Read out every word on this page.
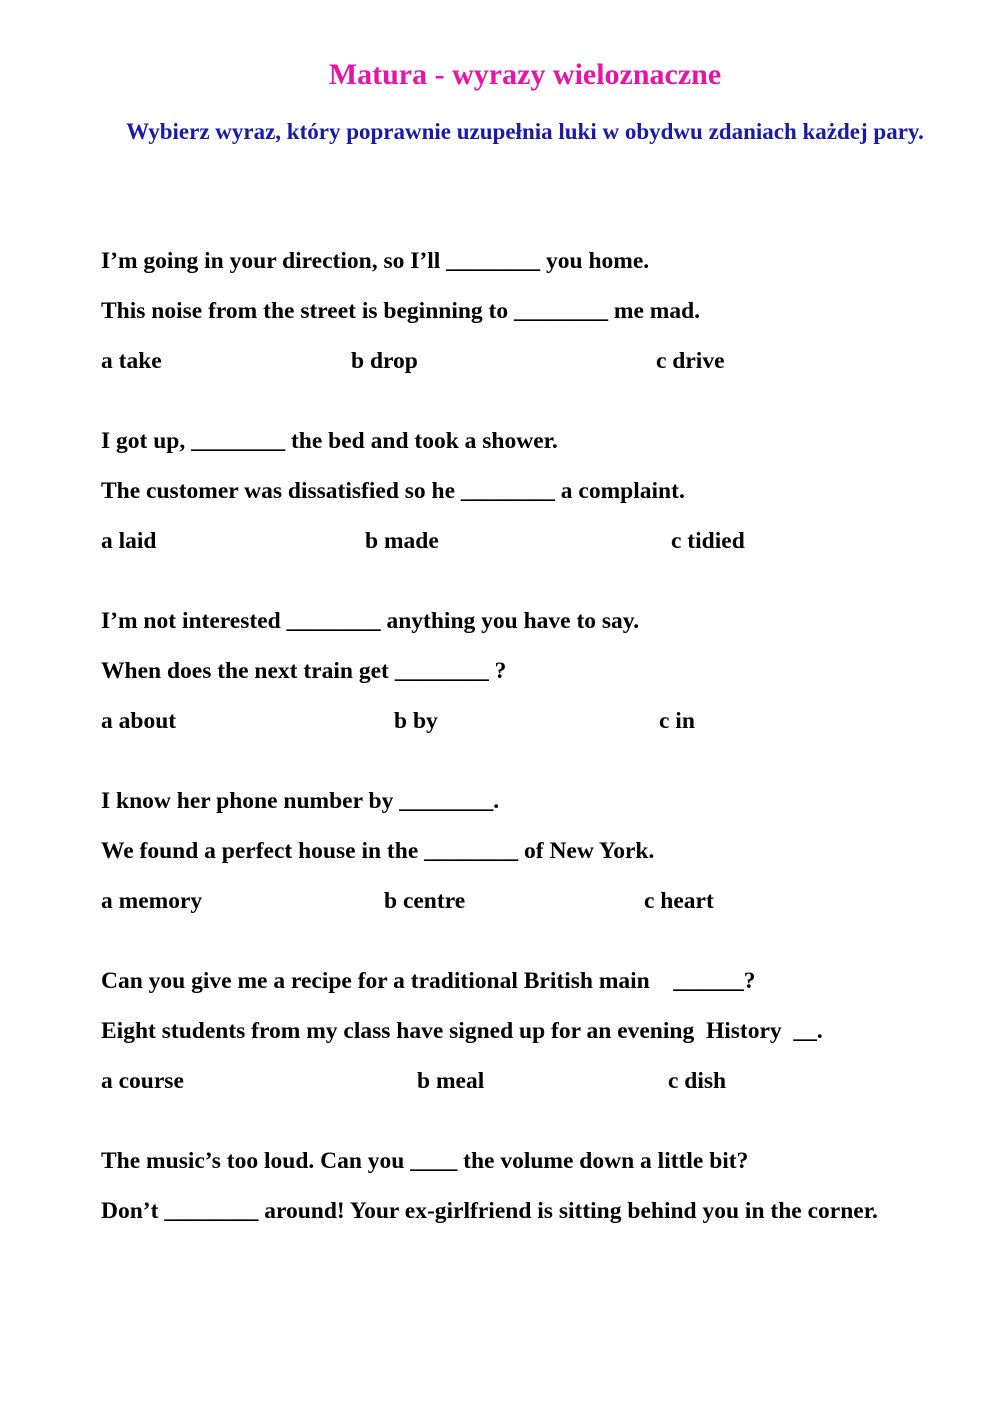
Matura - wyrazy wieloznaczne
Wybierz wyraz, który poprawnie uzupełnia luki w obydwu zdaniach każdej pary.
I’m going in your direction, so I’ll ________ you home.
This noise from the street is beginning to ________ me mad.
a take	b drop	c drive
I got up, ________ the bed and took a shower.
The customer was dissatisfied so he ________ a complaint.
a laid	b made	c tidied
I’m not interested ________ anything you have to say.
When does the next train get ________ ?
a about	b by	c in
I know her phone number by ________.
We found a perfect house in the ________ of New York.
a memory	b centre	c heart
Can you give me a recipe for a traditional British main    ______?
Eight students from my class have signed up for an evening  History  __.
a course	b meal	c dish
The music’s too loud. Can you ____ the volume down a little bit?
Don’t ________ around! Your ex-girlfriend is sitting behind you in the corner.
